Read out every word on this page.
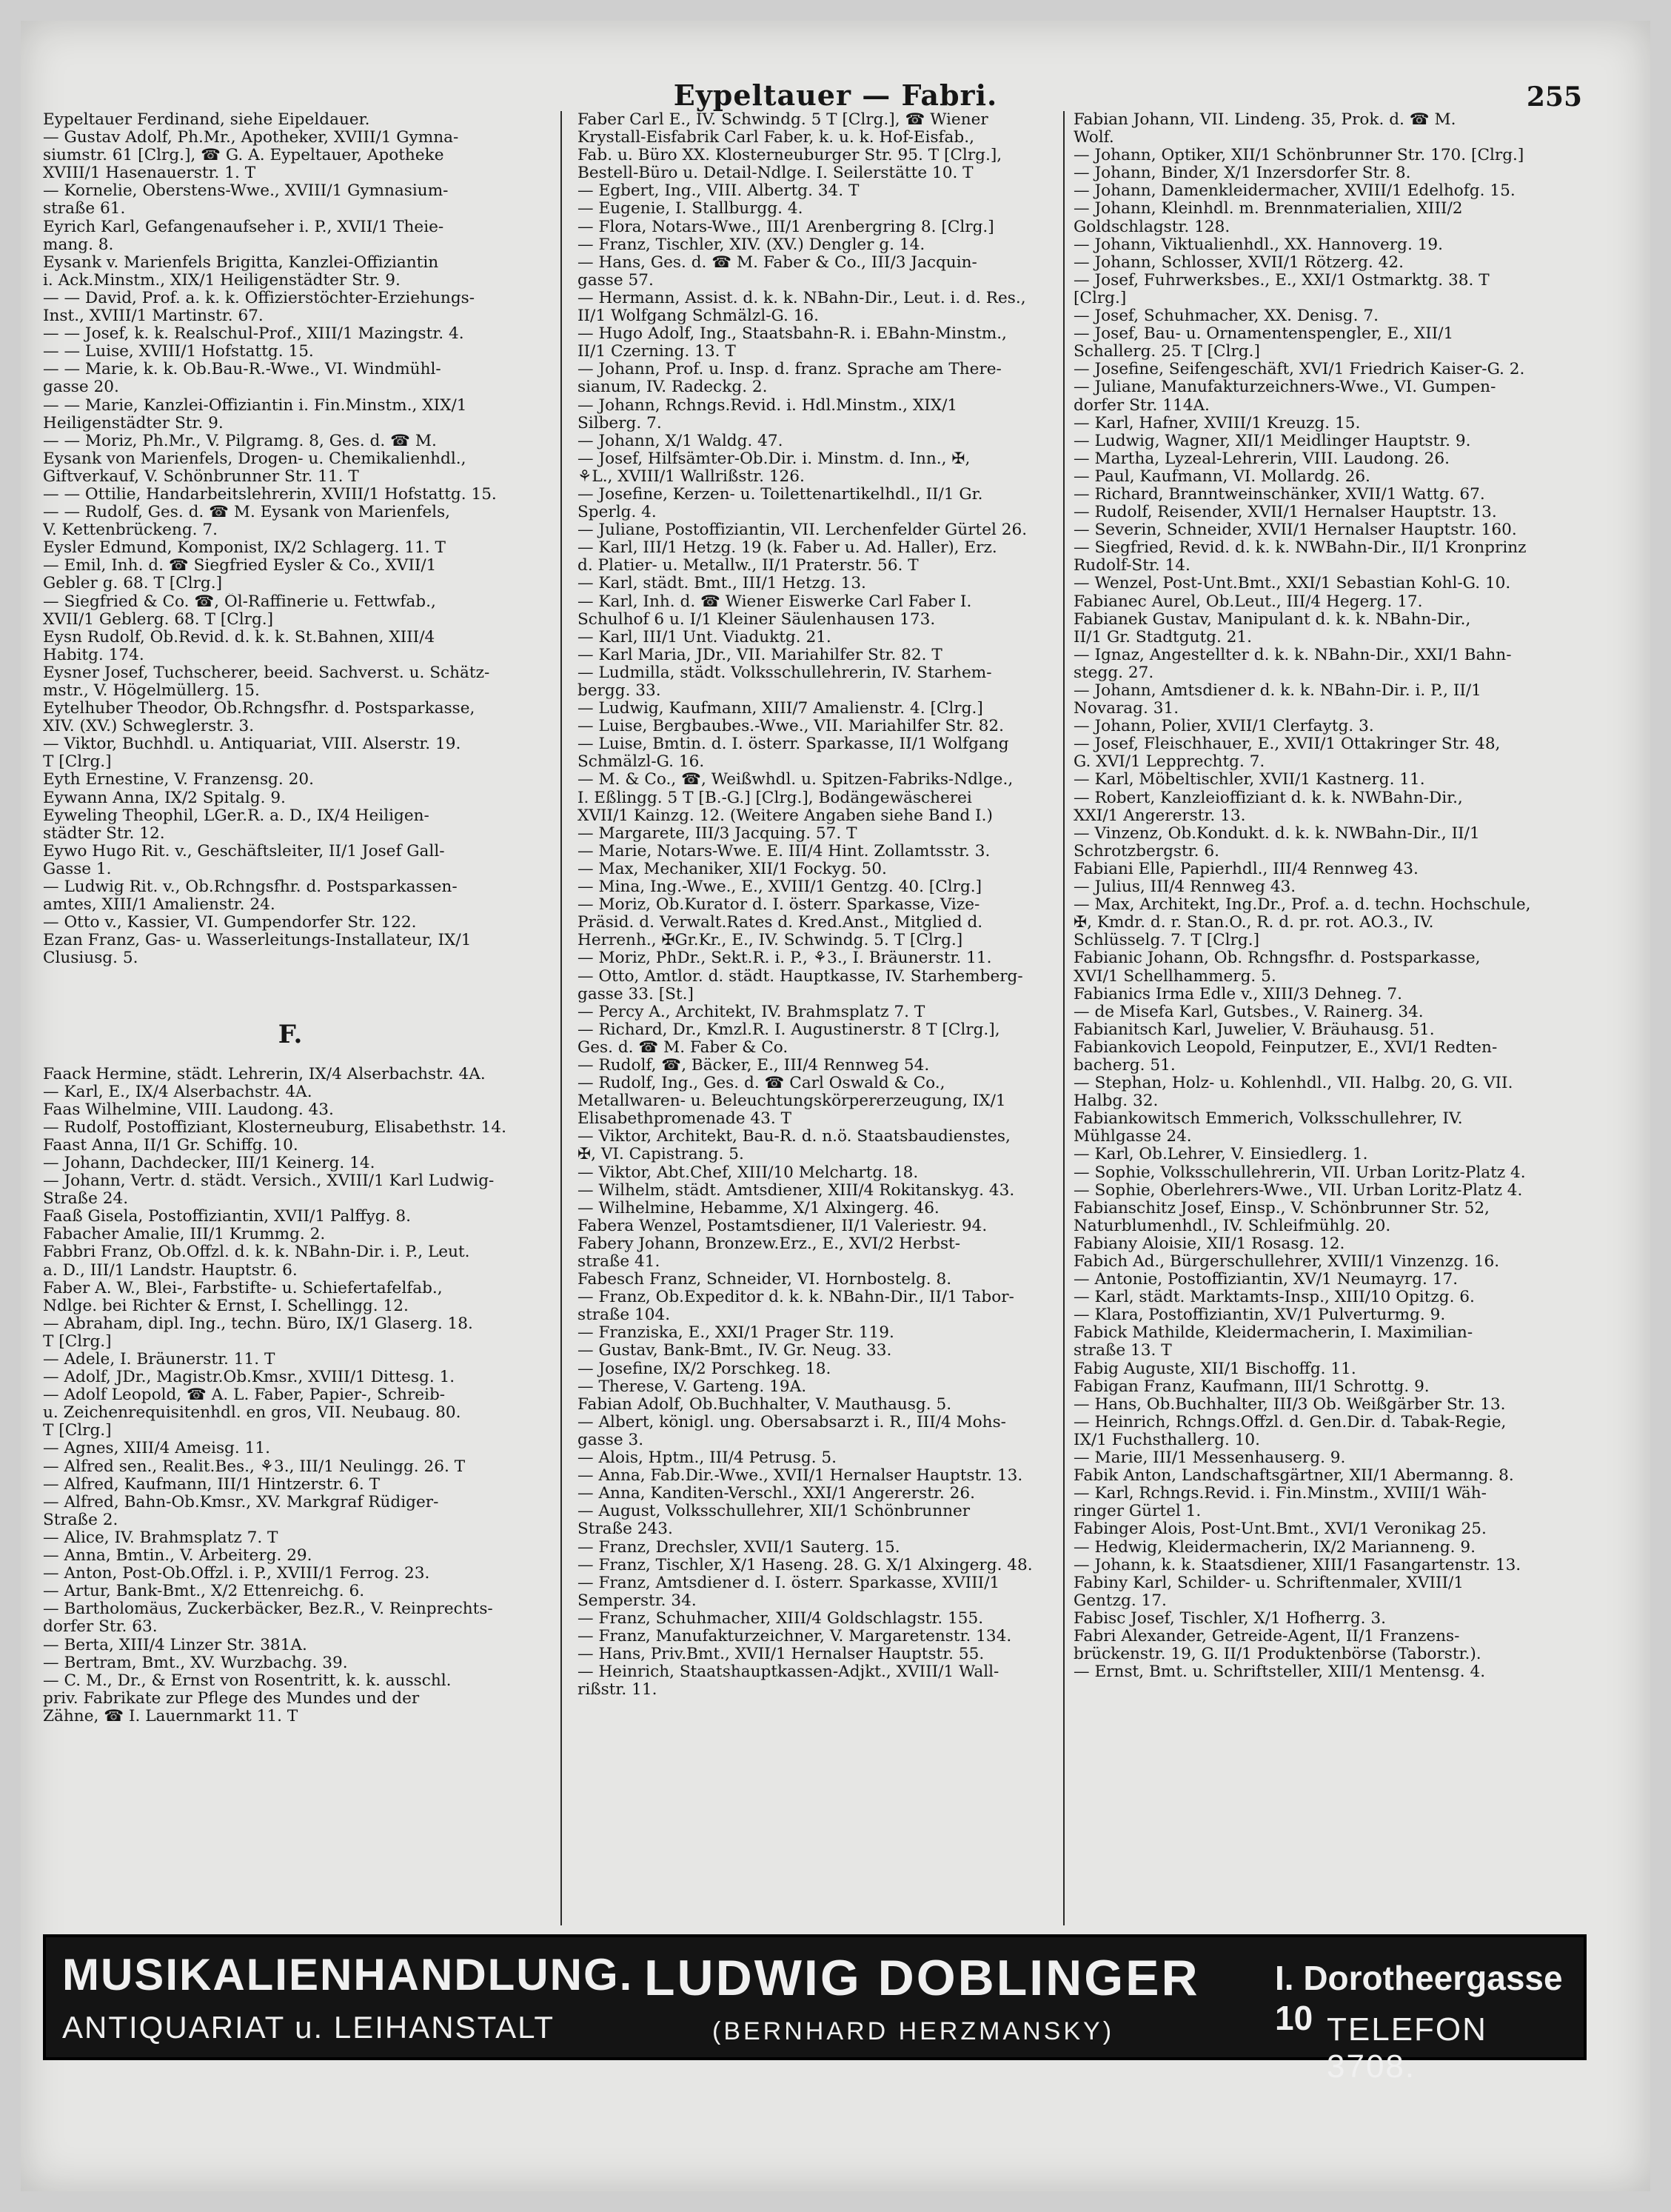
Eypeltauer — Fabri.	255
Eypeltauer Ferdinand, siehe Eipeldauer.
— Gustav Adolf, Ph.Mr., Apotheker, XVIII/1 Gymna-
siumstr. 61 [Clrg.], ☎ G. A. Eypeltauer, Apotheke
XVIII/1 Hasenauerstr. 1. T
— Kornelie, Oberstens-Wwe., XVIII/1 Gymnasium-
straße 61.
Eyrich Karl, Gefangenaufseher i. P., XVII/1 Theie-
mang. 8.
Eysank v. Marienfels Brigitta, Kanzlei-Offiziantin
i. Ack.Minstm., XIX/1 Heiligenstädter Str. 9.
— — David, Prof. a. k. k. Offizierstöchter-Erziehungs-
Inst., XVIII/1 Martinstr. 67.
— — Josef, k. k. Realschul-Prof., XIII/1 Mazingstr. 4.
— — Luise, XVIII/1 Hofstattg. 15.
— — Marie, k. k. Ob.Bau-R.-Wwe., VI. Windmühl-
gasse 20.
— — Marie, Kanzlei-Offiziantin i. Fin.Minstm., XIX/1
Heiligenstädter Str. 9.
— — Moriz, Ph.Mr., V. Pilgramg. 8, Ges. d. ☎ M.
Eysank von Marienfels, Drogen- u. Chemikalienhdl.,
Giftverkauf, V. Schönbrunner Str. 11. T
— — Ottilie, Handarbeitslehrerin, XVIII/1 Hofstattg. 15.
— — Rudolf, Ges. d. ☎ M. Eysank von Marienfels,
V. Kettenbrückeng. 7.
Eysler Edmund, Komponist, IX/2 Schlagerg. 11. T
— Emil, Inh. d. ☎ Siegfried Eysler & Co., XVII/1
Gebler g. 68. T [Clrg.]
— Siegfried & Co. ☎, Öl-Raffinerie u. Fettwfab.,
XVII/1 Geblerg. 68. T [Clrg.]
Eysn Rudolf, Ob.Revid. d. k. k. St.Bahnen, XIII/4
Habitg. 174.
Eysner Josef, Tuchscherer, beeid. Sachverst. u. Schätz-
mstr., V. Högelmüllerg. 15.
Eytelhuber Theodor, Ob.Rchngsfhr. d. Postsparkasse,
XIV. (XV.) Schweglerstr. 3.
— Viktor, Buchhdl. u. Antiquariat, VIII. Alserstr. 19.
T [Clrg.]
Eyth Ernestine, V. Franzensg. 20.
Eywann Anna, IX/2 Spitalg. 9.
Eyweling Theophil, LGer.R. a. D., IX/4 Heiligen-
städter Str. 12.
Eywo Hugo Rit. v., Geschäftsleiter, II/1 Josef Gall-
Gasse 1.
— Ludwig Rit. v., Ob.Rchngsfhr. d. Postsparkassen-
amtes, XIII/1 Amalienstr. 24.
— Otto v., Kassier, VI. Gumpendorfer Str. 122.
Ezan Franz, Gas- u. Wasserleitungs-Installateur, IX/1
Clusiusg. 5.
F.
Faack Hermine, städt. Lehrerin, IX/4 Alserbachstr. 4A.
— Karl, E., IX/4 Alserbachstr. 4A.
Faas Wilhelmine, VIII. Laudong. 43.
— Rudolf, Postoffiziant, Klosterneuburg, Elisabethstr. 14.
Faast Anna, II/1 Gr. Schiffg. 10.
— Johann, Dachdecker, III/1 Keinerg. 14.
— Johann, Vertr. d. städt. Versich., XVIII/1 Karl Ludwig-
Straße 24.
Faaß Gisela, Postoffiziantin, XVII/1 Palffyg. 8.
Fabacher Amalie, III/1 Krummg. 2.
Fabbri Franz, Ob.Offzl. d. k. k. NBahn-Dir. i. P., Leut.
a. D., III/1 Landstr. Hauptstr. 6.
Faber A. W., Blei-, Farbstifte- u. Schiefertafelfab.,
Ndlge. bei Richter & Ernst, I. Schellingg. 12.
— Abraham, dipl. Ing., techn. Büro, IX/1 Glaserg. 18.
T [Clrg.]
— Adele, I. Bräunerstr. 11. T
— Adolf, JDr., Magistr.Ob.Kmsr., XVIII/1 Dittesg. 1.
— Adolf Leopold, ☎ A. L. Faber, Papier-, Schreib-
u. Zeichenrequisitenhdl. en gros, VII. Neubaug. 80.
T [Clrg.]
— Agnes, XIII/4 Ameisg. 11.
— Alfred sen., Realit.Bes., ⚘3., III/1 Neulingg. 26. T
— Alfred, Kaufmann, III/1 Hintzerstr. 6. T
— Alfred, Bahn-Ob.Kmsr., XV. Markgraf Rüdiger-
Straße 2.
— Alice, IV. Brahmsplatz 7. T
— Anna, Bmtin., V. Arbeiterg. 29.
— Anton, Post-Ob.Offzl. i. P., XVIII/1 Ferrog. 23.
— Artur, Bank-Bmt., X/2 Ettenreichg. 6.
— Bartholomäus, Zuckerbäcker, Bez.R., V. Reinprechts-
dorfer Str. 63.
— Berta, XIII/4 Linzer Str. 381A.
— Bertram, Bmt., XV. Wurzbachg. 39.
— C. M., Dr., & Ernst von Rosentritt, k. k. ausschl.
priv. Fabrikate zur Pflege des Mundes und der
Zähne, ☎ I. Lauernmarkt 11. T
Faber Carl E., IV. Schwindg. 5 T [Clrg.], ☎ Wiener
Krystall-Eisfabrik Carl Faber, k. u. k. Hof-Eisfab.,
Fab. u. Büro XX. Klosterneuburger Str. 95. T [Clrg.],
Bestell-Büro u. Detail-Ndlge. I. Seilerstätte 10. T
— Egbert, Ing., VIII. Albertg. 34. T
— Eugenie, I. Stallburgg. 4.
— Flora, Notars-Wwe., III/1 Arenbergring 8. [Clrg.]
— Franz, Tischler, XIV. (XV.) Dengler g. 14.
— Hans, Ges. d. ☎ M. Faber & Co., III/3 Jacquin-
gasse 57.
— Hermann, Assist. d. k. k. NBahn-Dir., Leut. i. d. Res.,
II/1 Wolfgang Schmälzl-G. 16.
— Hugo Adolf, Ing., Staatsbahn-R. i. EBahn-Minstm.,
II/1 Czerning. 13. T
— Johann, Prof. u. Insp. d. franz. Sprache am There-
sianum, IV. Radeckg. 2.
— Johann, Rchngs.Revid. i. Hdl.Minstm., XIX/1
Silberg. 7.
— Johann, X/1 Waldg. 47.
— Josef, Hilfsämter-Ob.Dir. i. Minstm. d. Inn., ✠,
⚘L., XVIII/1 Wallrißstr. 126.
— Josefine, Kerzen- u. Toilettenartikelhdl., II/1 Gr.
Sperlg. 4.
— Juliane, Postoffiziantin, VII. Lerchenfelder Gürtel 26.
— Karl, III/1 Hetzg. 19 (k. Faber u. Ad. Haller), Erz.
d. Platier- u. Metallw., II/1 Praterstr. 56. T
— Karl, städt. Bmt., III/1 Hetzg. 13.
— Karl, Inh. d. ☎ Wiener Eiswerke Carl Faber I.
Schulhof 6 u. I/1 Kleiner Säulenhausen 173.
— Karl, III/1 Unt. Viaduktg. 21.
— Karl Maria, JDr., VII. Mariahilfer Str. 82. T
— Ludmilla, städt. Volksschullehrerin, IV. Starhem-
bergg. 33.
— Ludwig, Kaufmann, XIII/7 Amalienstr. 4. [Clrg.]
— Luise, Bergbaubes.-Wwe., VII. Mariahilfer Str. 82.
— Luise, Bmtin. d. I. österr. Sparkasse, II/1 Wolfgang
Schmälzl-G. 16.
— M. & Co., ☎, Weißwhdl. u. Spitzen-Fabriks-Ndlge.,
I. Eßlingg. 5 T [B.-G.] [Clrg.], Bodängewäscherei
XVII/1 Kainzg. 12. (Weitere Angaben siehe Band I.)
— Margarete, III/3 Jacquing. 57. T
— Marie, Notars-Wwe. E. III/4 Hint. Zollamtsstr. 3.
— Max, Mechaniker, XII/1 Fockyg. 50.
— Mina, Ing.-Wwe., E., XVIII/1 Gentzg. 40. [Clrg.]
— Moriz, Ob.Kurator d. I. österr. Sparkasse, Vize-
Präsid. d. Verwalt.Rates d. Kred.Anst., Mitglied d.
Herrenh., ✠Gr.Kr., E., IV. Schwindg. 5. T [Clrg.]
— Moriz, PhDr., Sekt.R. i. P., ⚘3., I. Bräunerstr. 11.
— Otto, Amtlor. d. städt. Hauptkasse, IV. Starhemberg-
gasse 33. [St.]
— Percy A., Architekt, IV. Brahmsplatz 7. T
— Richard, Dr., Kmzl.R. I. Augustinerstr. 8 T [Clrg.],
Ges. d. ☎ M. Faber & Co.
— Rudolf, ☎, Bäcker, E., III/4 Rennweg 54.
— Rudolf, Ing., Ges. d. ☎ Carl Oswald & Co.,
Metallwaren- u. Beleuchtungskörpererzeugung, IX/1
Elisabethpromenade 43. T
— Viktor, Architekt, Bau-R. d. n.ö. Staatsbaudienstes,
✠, VI. Capistrang. 5.
— Viktor, Abt.Chef, XIII/10 Melchartg. 18.
— Wilhelm, städt. Amtsdiener, XIII/4 Rokitanskyg. 43.
— Wilhelmine, Hebamme, X/1 Alxingerg. 46.
Fabera Wenzel, Postamtsdiener, II/1 Valeriestr. 94.
Fabery Johann, Bronzew.Erz., E., XVI/2 Herbst-
straße 41.
Fabesch Franz, Schneider, VI. Hornbostelg. 8.
— Franz, Ob.Expeditor d. k. k. NBahn-Dir., II/1 Tabor-
straße 104.
— Franziska, E., XXI/1 Prager Str. 119.
— Gustav, Bank-Bmt., IV. Gr. Neug. 33.
— Josefine, IX/2 Porschkeg. 18.
— Therese, V. Garteng. 19A.
Fabian Adolf, Ob.Buchhalter, V. Mauthausg. 5.
— Albert, königl. ung. Obersabsarzt i. R., III/4 Mohs-
gasse 3.
— Alois, Hptm., III/4 Petrusg. 5.
— Anna, Fab.Dir.-Wwe., XVII/1 Hernalser Hauptstr. 13.
— Anna, Kanditen-Verschl., XXI/1 Angererstr. 26.
— August, Volksschullehrer, XII/1 Schönbrunner
Straße 243.
— Franz, Drechsler, XVII/1 Sauterg. 15.
— Franz, Tischler, X/1 Haseng. 28. G. X/1 Alxingerg. 48.
— Franz, Amtsdiener d. I. österr. Sparkasse, XVIII/1
Semperstr. 34.
— Franz, Schuhmacher, XIII/4 Goldschlagstr. 155.
— Franz, Manufakturzeichner, V. Margaretenstr. 134.
— Hans, Priv.Bmt., XVII/1 Hernalser Hauptstr. 55.
— Heinrich, Staatshauptkassen-Adjkt., XVIII/1 Wall-
rißstr. 11.
Fabian Johann, VII. Lindeng. 35, Prok. d. ☎ M.
Wolf.
— Johann, Optiker, XII/1 Schönbrunner Str. 170. [Clrg.]
— Johann, Binder, X/1 Inzersdorfer Str. 8.
— Johann, Damenkleidermacher, XVIII/1 Edelhofg. 15.
— Johann, Kleinhdl. m. Brennmaterialien, XIII/2
Goldschlagstr. 128.
— Johann, Viktualienhdl., XX. Hannoverg. 19.
— Johann, Schlosser, XVII/1 Rötzerg. 42.
— Josef, Fuhrwerksbes., E., XXI/1 Ostmarktg. 38. T
[Clrg.]
— Josef, Schuhmacher, XX. Denisg. 7.
— Josef, Bau- u. Ornamentenspengler, E., XII/1
Schallerg. 25. T [Clrg.]
— Josefine, Seifengeschäft, XVI/1 Friedrich Kaiser-G. 2.
— Juliane, Manufakturzeichners-Wwe., VI. Gumpen-
dorfer Str. 114A.
— Karl, Hafner, XVIII/1 Kreuzg. 15.
— Ludwig, Wagner, XII/1 Meidlinger Hauptstr. 9.
— Martha, Lyzeal-Lehrerin, VIII. Laudong. 26.
— Paul, Kaufmann, VI. Mollardg. 26.
— Richard, Branntweinschänker, XVII/1 Wattg. 67.
— Rudolf, Reisender, XVII/1 Hernalser Hauptstr. 13.
— Severin, Schneider, XVII/1 Hernalser Hauptstr. 160.
— Siegfried, Revid. d. k. k. NWBahn-Dir., II/1 Kronprinz
Rudolf-Str. 14.
— Wenzel, Post-Unt.Bmt., XXI/1 Sebastian Kohl-G. 10.
Fabianec Aurel, Ob.Leut., III/4 Hegerg. 17.
Fabianek Gustav, Manipulant d. k. k. NBahn-Dir.,
II/1 Gr. Stadtgutg. 21.
— Ignaz, Angestellter d. k. k. NBahn-Dir., XXI/1 Bahn-
stegg. 27.
— Johann, Amtsdiener d. k. k. NBahn-Dir. i. P., II/1
Novarag. 31.
— Johann, Polier, XVII/1 Clerfaytg. 3.
— Josef, Fleischhauer, E., XVII/1 Ottakringer Str. 48,
G. XVI/1 Lepprechtg. 7.
— Karl, Möbeltischler, XVII/1 Kastnerg. 11.
— Robert, Kanzleioffiziant d. k. k. NWBahn-Dir.,
XXI/1 Angererstr. 13.
— Vinzenz, Ob.Kondukt. d. k. k. NWBahn-Dir., II/1
Schrotzbergstr. 6.
Fabiani Elle, Papierhdl., III/4 Rennweg 43.
— Julius, III/4 Rennweg 43.
— Max, Architekt, Ing.Dr., Prof. a. d. techn. Hochschule,
✠, Kmdr. d. r. Stan.O., R. d. pr. rot. AO.3., IV.
Schlüsselg. 7. T [Clrg.]
Fabianic Johann, Ob. Rchngsfhr. d. Postsparkasse,
XVI/1 Schellhammerg. 5.
Fabianics Irma Edle v., XIII/3 Dehneg. 7.
— de Misefa Karl, Gutsbes., V. Rainerg. 34.
Fabianitsch Karl, Juwelier, V. Bräuhausg. 51.
Fabiankovich Leopold, Feinputzer, E., XVI/1 Redten-
bacherg. 51.
— Stephan, Holz- u. Kohlenhdl., VII. Halbg. 20, G. VII.
Halbg. 32.
Fabiankowitsch Emmerich, Volksschullehrer, IV.
Mühlgasse 24.
— Karl, Ob.Lehrer, V. Einsiedlerg. 1.
— Sophie, Volksschullehrerin, VII. Urban Loritz-Platz 4.
— Sophie, Oberlehrers-Wwe., VII. Urban Loritz-Platz 4.
Fabianschitz Josef, Einsp., V. Schönbrunner Str. 52,
Naturblumenhdl., IV. Schleifmühlg. 20.
Fabiany Aloisie, XII/1 Rosasg. 12.
Fabich Ad., Bürgerschullehrer, XVIII/1 Vinzenzg. 16.
— Antonie, Postoffiziantin, XV/1 Neumayrg. 17.
— Karl, städt. Marktamts-Insp., XIII/10 Opitzg. 6.
— Klara, Postoffiziantin, XV/1 Pulverturmg. 9.
Fabick Mathilde, Kleidermacherin, I. Maximilian-
straße 13. T
Fabig Auguste, XII/1 Bischoffg. 11.
Fabigan Franz, Kaufmann, III/1 Schrottg. 9.
— Hans, Ob.Buchhalter, III/3 Ob. Weißgärber Str. 13.
— Heinrich, Rchngs.Offzl. d. Gen.Dir. d. Tabak-Regie,
IX/1 Fuchsthallerg. 10.
— Marie, III/1 Messenhauserg. 9.
Fabik Anton, Landschaftsgärtner, XII/1 Abermanng. 8.
— Karl, Rchngs.Revid. i. Fin.Minstm., XVIII/1 Wäh-
ringer Gürtel 1.
Fabinger Alois, Post-Unt.Bmt., XVI/1 Veronikag 25.
— Hedwig, Kleidermacherin, IX/2 Marianneng. 9.
— Johann, k. k. Staatsdiener, XIII/1 Fasangartenstr. 13.
Fabiny Karl, Schilder- u. Schriftenmaler, XVIII/1
Gentzg. 17.
Fabisc Josef, Tischler, X/1 Hofherrg. 3.
Fabri Alexander, Getreide-Agent, II/1 Franzens-
brückenstr. 19, G. II/1 Produktenbörse (Taborstr.).
— Ernst, Bmt. u. Schriftsteller, XIII/1 Mentensg. 4.
MUSIKALIENHANDLUNG. LUDWIG DOBLINGER I. Dorotheergasse 10
ANTIQUARIAT u. LEIHANSTALT	(BERNHARD HERZMANSKY)	TELEFON 3708.
